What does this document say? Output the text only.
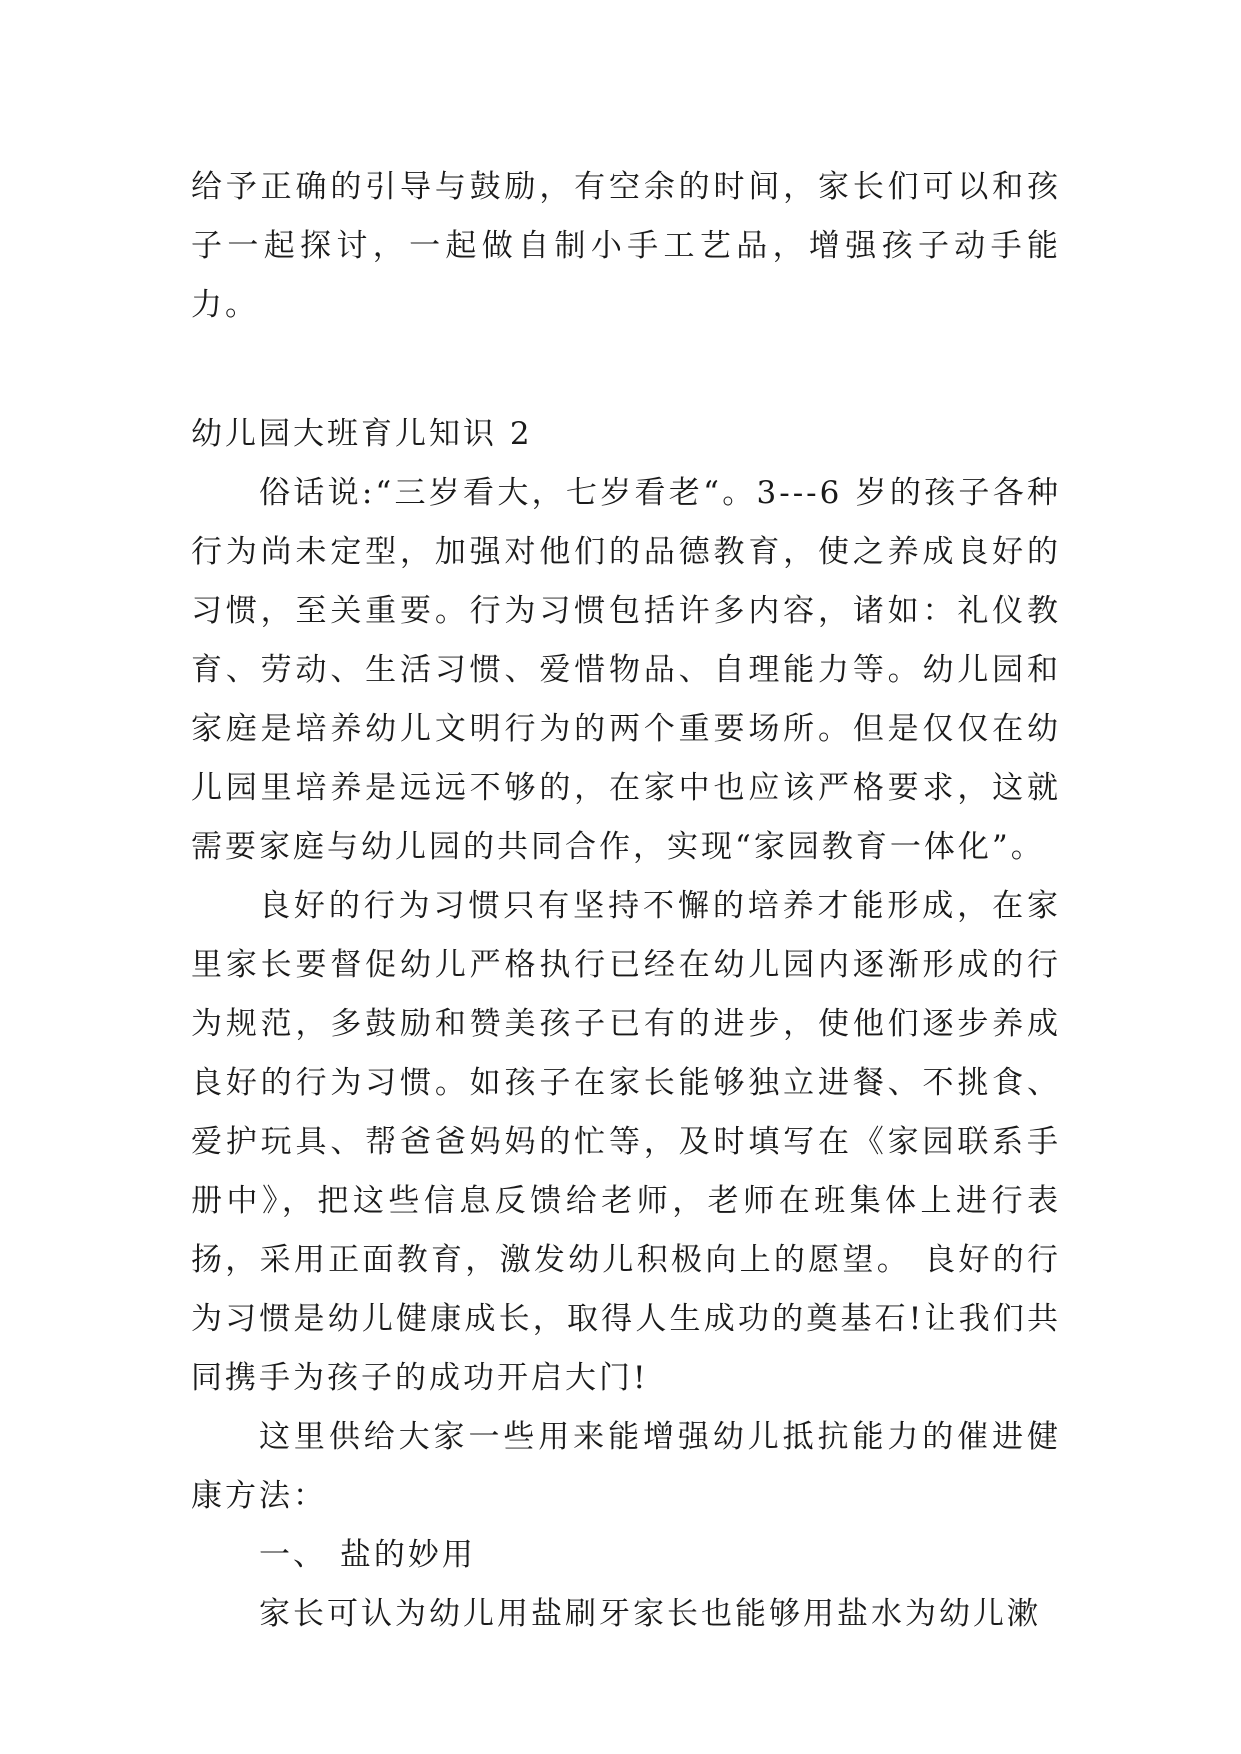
给予正确的引导与鼓励，有空余的时间，家长们可以和孩子一起探讨，一起做自制小手工艺品，增强孩子动手能力。

幼儿园大班育儿知识 2

俗话说:“三岁看大，七岁看老“。3---6 岁的孩子各种行为尚未定型，加强对他们的品德教育，使之养成良好的习惯，至关重要。行为习惯包括许多内容，诸如：礼仪教育、劳动、生活习惯、爱惜物品、自理能力等。幼儿园和家庭是培养幼儿文明行为的两个重要场所。但是仅仅在幼儿园里培养是远远不够的，在家中也应该严格要求，这就需要家庭与幼儿园的共同合作，实现“家园教育一体化”。

良好的行为习惯只有坚持不懈的培养才能形成，在家里家长要督促幼儿严格执行已经在幼儿园内逐渐形成的行为规范，多鼓励和赞美孩子已有的进步，使他们逐步养成良好的行为习惯。如孩子在家长能够独立进餐、不挑食、爱护玩具、帮爸爸妈妈的忙等，及时填写在《家园联系手册中》，把这些信息反馈给老师，老师在班集体上进行表扬，采用正面教育，激发幼儿积极向上的愿望。 良好的行为习惯是幼儿健康成长，取得人生成功的奠基石!让我们共同携手为孩子的成功开启大门!

这里供给大家一些用来能增强幼儿抵抗能力的催进健康方法：

一、 盐的妙用

家长可认为幼儿用盐刷牙家长也能够用盐水为幼儿漱
